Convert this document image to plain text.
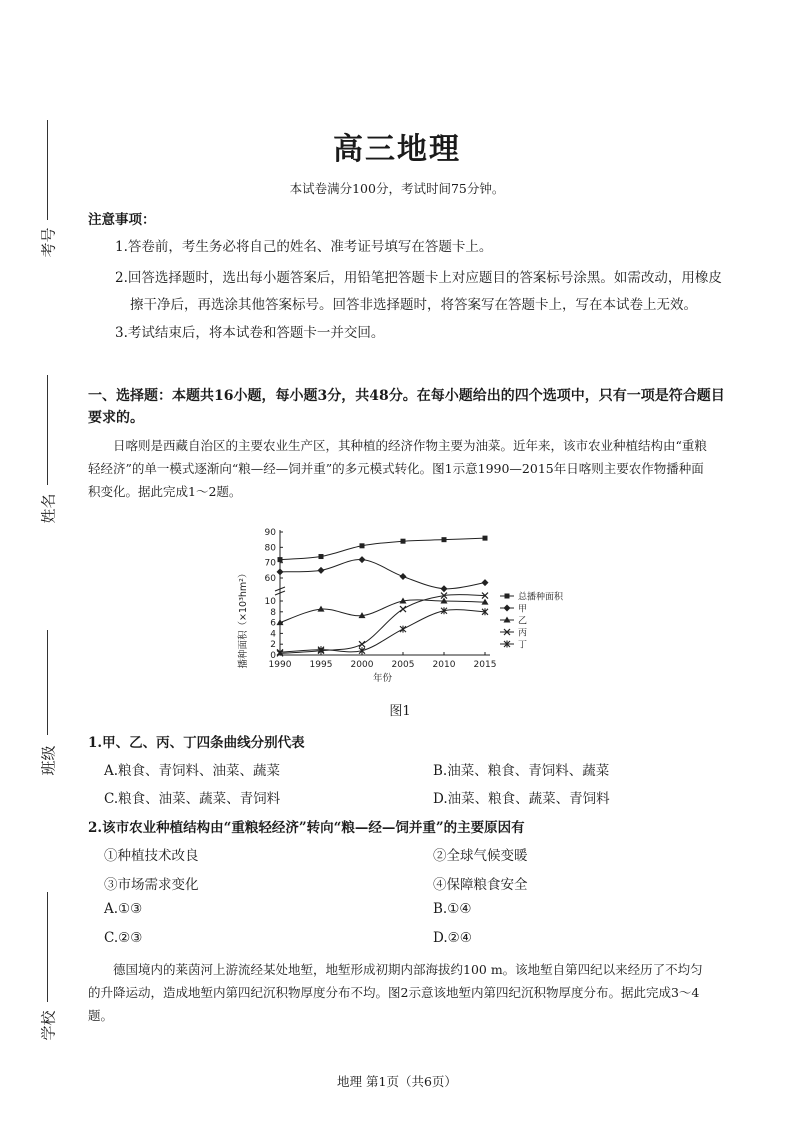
考号
姓名
班级
学校
高三地理
本试卷满分100分，考试时间75分钟。
注意事项：
1.答卷前，考生务必将自己的姓名、准考证号填写在答题卡上。
2.回答选择题时，选出每小题答案后，用铅笔把答题卡上对应题目的答案标号涂黑。如需改动，用橡皮
擦干净后，再选涂其他答案标号。回答非选择题时，将答案写在答题卡上，写在本试卷上无效。
3.考试结束后，将本试卷和答题卡一并交回。
一、选择题：本题共16小题，每小题3分，共48分。在每小题给出的四个选项中，只有一项是符合题目要求的。
日喀则是西藏自治区的主要农业生产区，其种植的经济作物主要为油菜。近年来，该市农业种植结构由“重粮轻经济”的单一模式逐渐向“粮—经—饲并重”的多元模式转化。图1示意1990—2015年日喀则主要农作物播种面积变化。据此完成1～2题。
0
2
4
6
8
10
60
70
80
90
1990 1995 2000 2005 2010 2015
年份
播种面积（×10³hm²）	总播种面积
甲
乙
丙
丁
图1
1.甲、乙、丙、丁四条曲线分别代表
A.粮食、青饲料、油菜、蔬菜	B.油菜、粮食、青饲料、蔬菜
C.粮食、油菜、蔬菜、青饲料	D.油菜、粮食、蔬菜、青饲料
2.该市农业种植结构由“重粮轻经济”转向“粮—经—饲并重”的主要原因有
①种植技术改良	②全球气候变暖
③市场需求变化	④保障粮食安全
A.①③	B.①④
C.②③	D.②④
德国境内的莱茵河上游流经某处地堑，地堑形成初期内部海拔约100 m。该地堑自第四纪以来经历了不均匀的升降运动，造成地堑内第四纪沉积物厚度分布不均。图2示意该地堑内第四纪沉积物厚度分布。据此完成3～4题。
地理 第1页（共6页）
